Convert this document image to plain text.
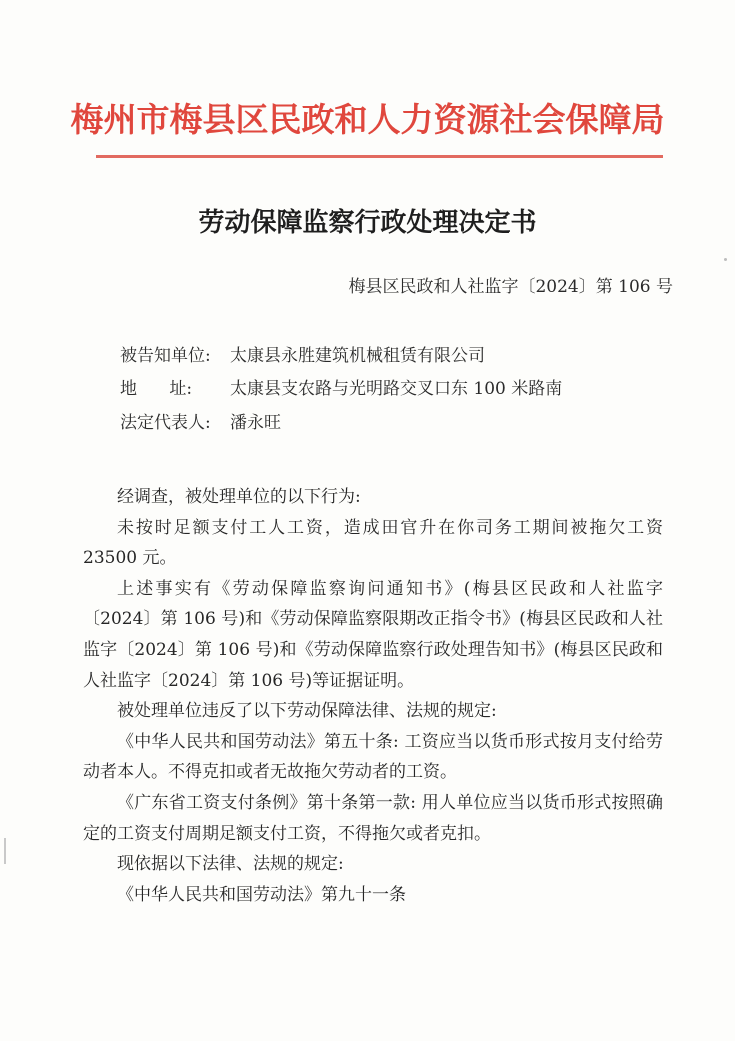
梅州市梅县区民政和人力资源社会保障局
劳动保障监察行政处理决定书
梅县区民政和人社监字〔2024〕第 106 号
被告知单位: 太康县永胜建筑机械租赁有限公司
地      址: 太康县支农路与光明路交叉口东 100 米路南
法定代表人: 潘永旺

经调查，被处理单位的以下行为:

未按时足额支付工人工资，造成田官升在你司务工期间被拖欠工资 23500 元。

上述事实有《劳动保障监察询问通知书》(梅县区民政和人社监字〔2024〕第 106 号)和《劳动保障监察限期改正指令书》(梅县区民政和人社监字〔2024〕第 106 号)和《劳动保障监察行政处理告知书》(梅县区民政和人社监字〔2024〕第 106 号)等证据证明。

被处理单位违反了以下劳动保障法律、法规的规定:

《中华人民共和国劳动法》第五十条: 工资应当以货币形式按月支付给劳动者本人。不得克扣或者无故拖欠劳动者的工资。

《广东省工资支付条例》第十条第一款: 用人单位应当以货币形式按照确定的工资支付周期足额支付工资，不得拖欠或者克扣。

现依据以下法律、法规的规定:

《中华人民共和国劳动法》第九十一条
